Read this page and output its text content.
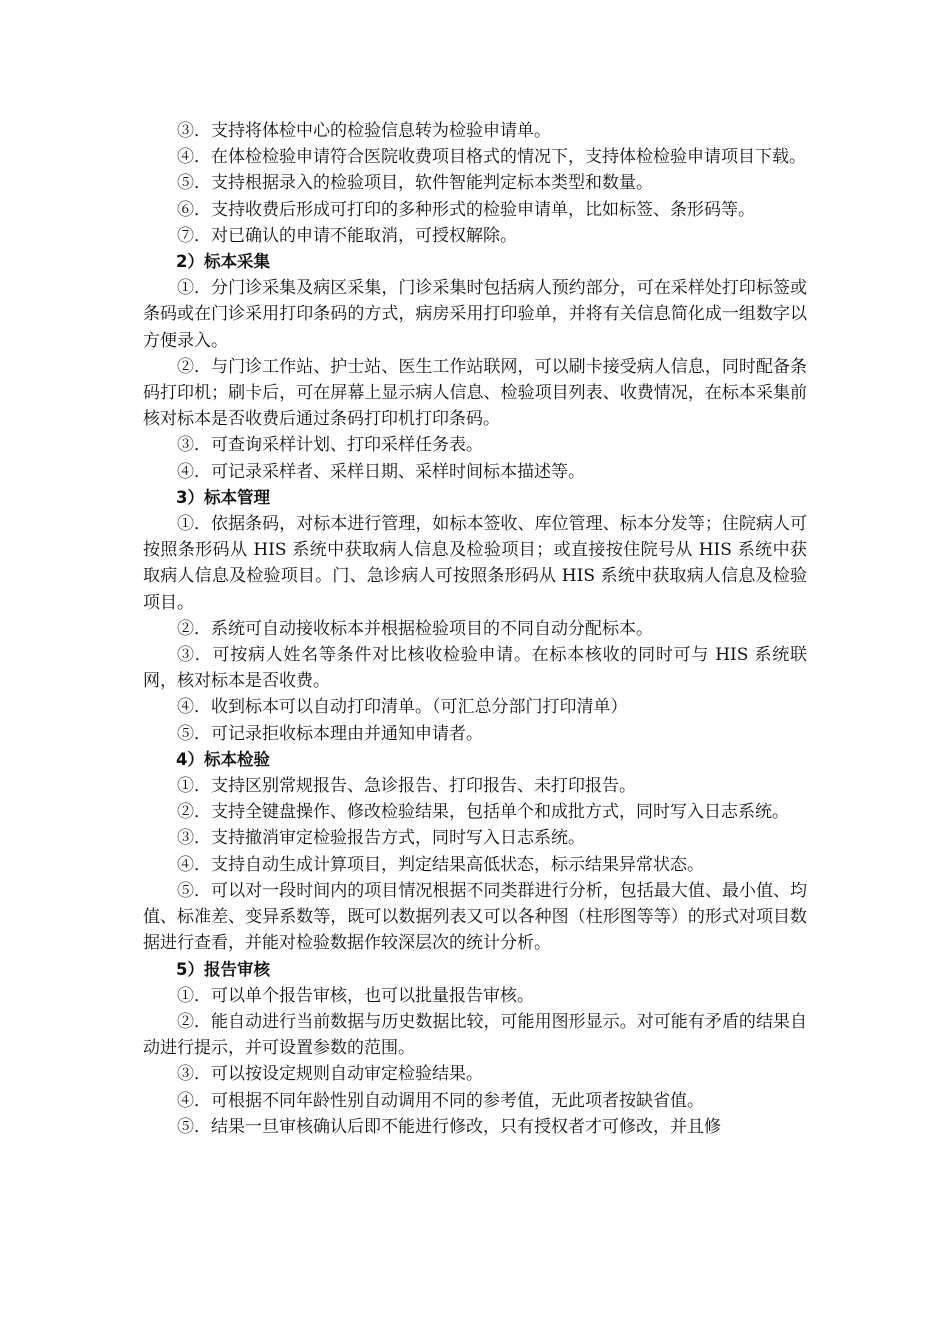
③．支持将体检中心的检验信息转为检验申请单。

④．在体检检验申请符合医院收费项目格式的情况下，支持体检检验申请项目下载。

⑤．支持根据录入的检验项目，软件智能判定标本类型和数量。

⑥．支持收费后形成可打印的多种形式的检验申请单，比如标签、条形码等。

⑦．对已确认的申请不能取消，可授权解除。

2）标本采集

①．分门诊采集及病区采集，门诊采集时包括病人预约部分，可在采样处打印标签或条码或在门诊采用打印条码的方式，病房采用打印验单，并将有关信息简化成一组数字以方便录入。

②．与门诊工作站、护士站、医生工作站联网，可以刷卡接受病人信息，同时配备条码打印机；刷卡后，可在屏幕上显示病人信息、检验项目列表、收费情况，在标本采集前核对标本是否收费后通过条码打印机打印条码。

③．可查询采样计划、打印采样任务表。

④．可记录采样者、采样日期、采样时间标本描述等。

3）标本管理

①．依据条码，对标本进行管理，如标本签收、库位管理、标本分发等；住院病人可按照条形码从 HIS 系统中获取病人信息及检验项目；或直接按住院号从 HIS 系统中获取病人信息及检验项目。门、急诊病人可按照条形码从 HIS 系统中获取病人信息及检验项目。

②．系统可自动接收标本并根据检验项目的不同自动分配标本。

③．可按病人姓名等条件对比核收检验申请。在标本核收的同时可与 HIS 系统联网，核对标本是否收费。

④．收到标本可以自动打印清单。（可汇总分部门打印清单）

⑤．可记录拒收标本理由并通知申请者。

4）标本检验

①．支持区别常规报告、急诊报告、打印报告、未打印报告。

②．支持全键盘操作、修改检验结果，包括单个和成批方式，同时写入日志系统。

③．支持撤消审定检验报告方式，同时写入日志系统。

④．支持自动生成计算项目，判定结果高低状态，标示结果异常状态。

⑤．可以对一段时间内的项目情况根据不同类群进行分析，包括最大值、最小值、均值、标准差、变异系数等，既可以数据列表又可以各种图（柱形图等等）的形式对项目数据进行查看，并能对检验数据作较深层次的统计分析。

5）报告审核

①．可以单个报告审核，也可以批量报告审核。

②．能自动进行当前数据与历史数据比较，可能用图形显示。对可能有矛盾的结果自动进行提示，并可设置参数的范围。

③．可以按设定规则自动审定检验结果。

④．可根据不同年龄性别自动调用不同的参考值，无此项者按缺省值。

⑤．结果一旦审核确认后即不能进行修改，只有授权者才可修改，并且修
